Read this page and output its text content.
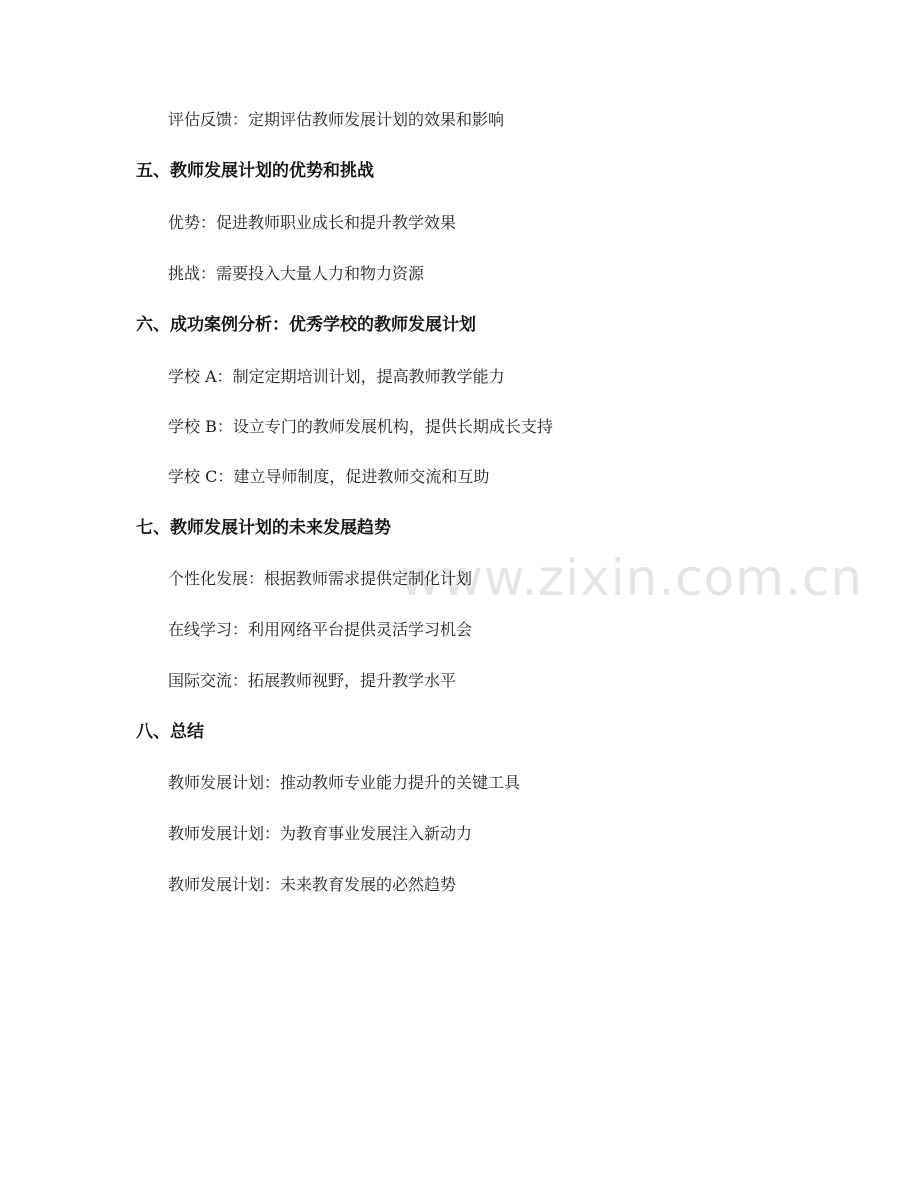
www.zixin.com.cn
评估反馈：定期评估教师发展计划的效果和影响
五、教师发展计划的优势和挑战
优势：促进教师职业成长和提升教学效果
挑战：需要投入大量人力和物力资源
六、成功案例分析：优秀学校的教师发展计划
学校 A：制定定期培训计划，提高教师教学能力
学校 B：设立专门的教师发展机构，提供长期成长支持
学校 C：建立导师制度，促进教师交流和互助
七、教师发展计划的未来发展趋势
个性化发展：根据教师需求提供定制化计划
在线学习：利用网络平台提供灵活学习机会
国际交流：拓展教师视野，提升教学水平
八、总结
教师发展计划：推动教师专业能力提升的关键工具
教师发展计划：为教育事业发展注入新动力
教师发展计划：未来教育发展的必然趋势
